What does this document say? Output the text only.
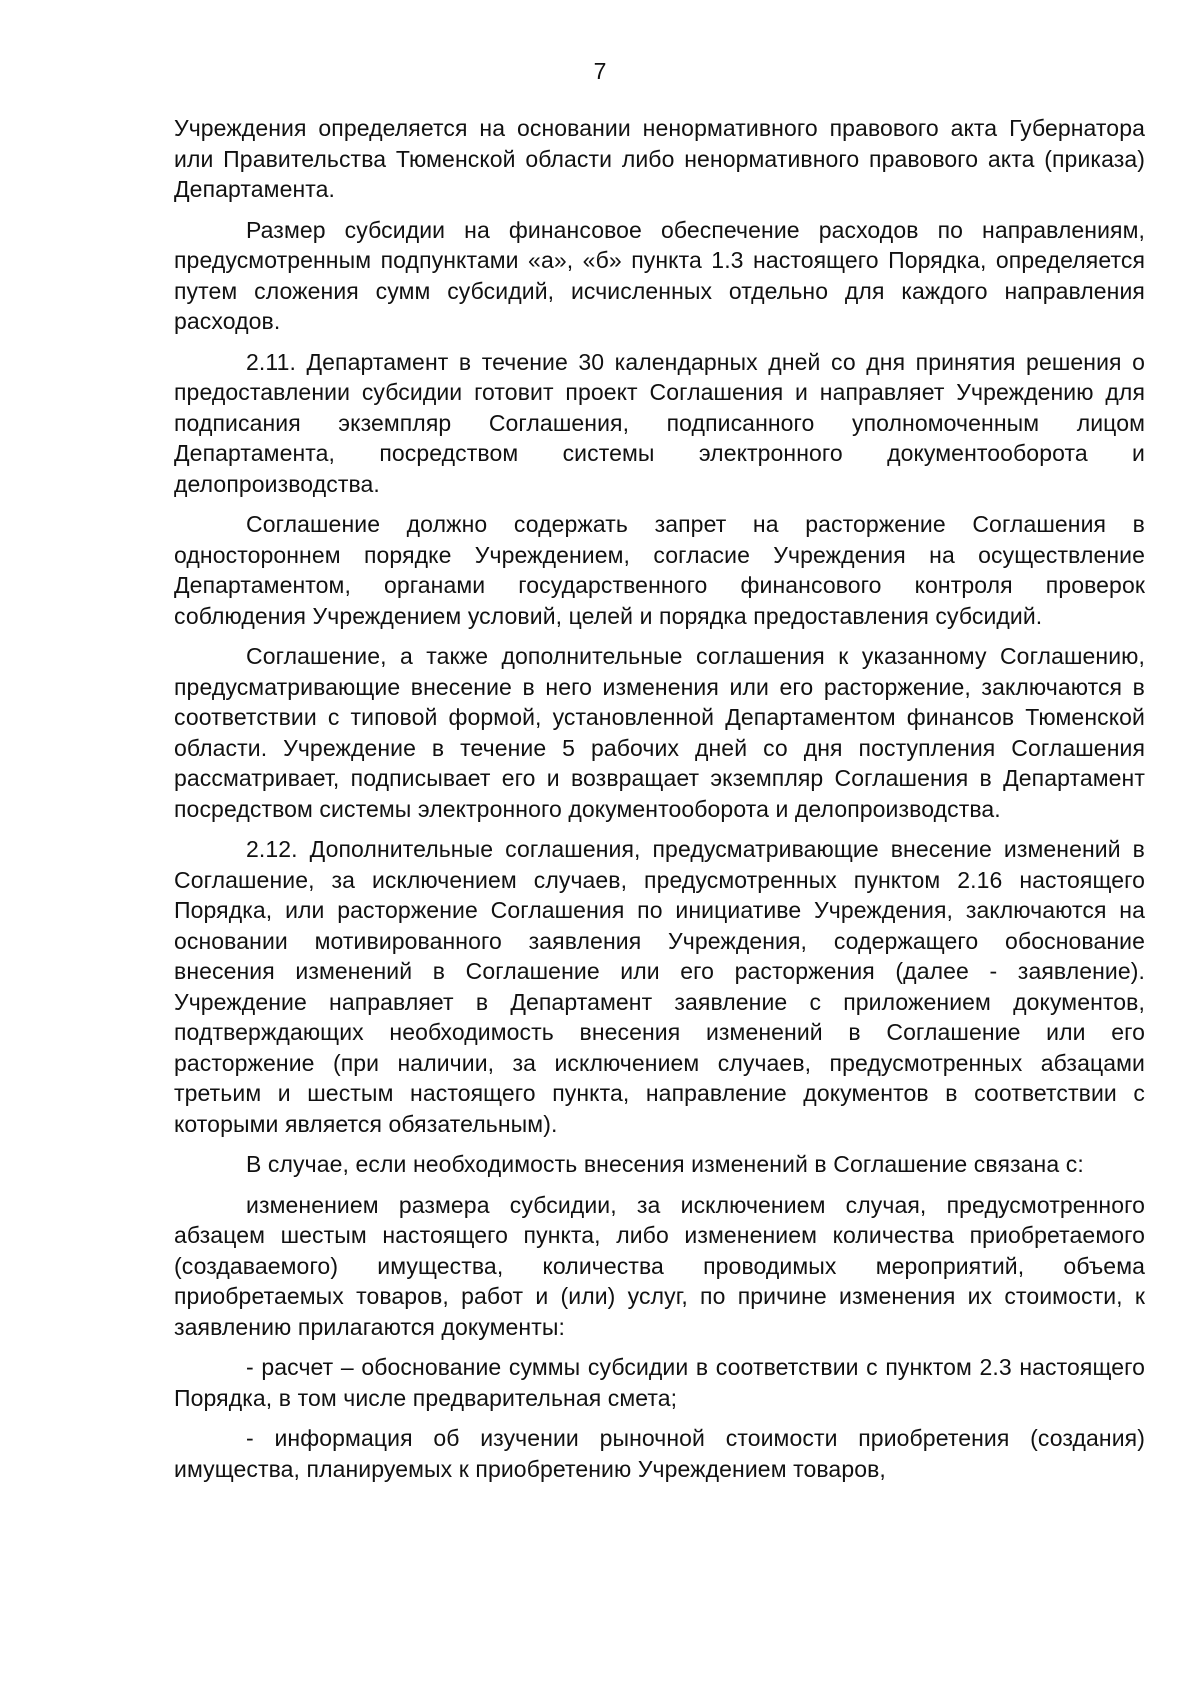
7

Учреждения определяется на основании ненормативного правового акта Губернатора или Правительства Тюменской области либо ненормативного правового акта (приказа) Департамента.

Размер субсидии на финансовое обеспечение расходов по направлениям, предусмотренным подпунктами «а», «б» пункта 1.3 настоящего Порядка, определяется путем сложения сумм субсидий, исчисленных отдельно для каждого направления расходов.

2.11. Департамент в течение 30 календарных дней со дня принятия решения о предоставлении субсидии готовит проект Соглашения и направляет Учреждению для подписания экземпляр Соглашения, подписанного уполномоченным лицом Департамента, посредством системы электронного документооборота и делопроизводства.

Соглашение должно содержать запрет на расторжение Соглашения в одностороннем порядке Учреждением, согласие Учреждения на осуществление Департаментом, органами государственного финансового контроля проверок соблюдения Учреждением условий, целей и порядка предоставления субсидий.

Соглашение, а также дополнительные соглашения к указанному Соглашению, предусматривающие внесение в него изменения или его расторжение, заключаются в соответствии с типовой формой, установленной Департаментом финансов Тюменской области. Учреждение в течение 5 рабочих дней со дня поступления Соглашения рассматривает, подписывает его и возвращает экземпляр Соглашения в Департамент посредством системы электронного документооборота и делопроизводства.

2.12. Дополнительные соглашения, предусматривающие внесение изменений в Соглашение, за исключением случаев, предусмотренных пунктом 2.16 настоящего Порядка, или расторжение Соглашения по инициативе Учреждения, заключаются на основании мотивированного заявления Учреждения, содержащего обоснование внесения изменений в Соглашение или его расторжения (далее - заявление). Учреждение направляет в Департамент заявление с приложением документов, подтверждающих необходимость внесения изменений в Соглашение или его расторжение (при наличии, за исключением случаев, предусмотренных абзацами третьим и шестым настоящего пункта, направление документов в соответствии с которыми является обязательным).

В случае, если необходимость внесения изменений в Соглашение связана с:

изменением размера субсидии, за исключением случая, предусмотренного абзацем шестым настоящего пункта, либо изменением количества приобретаемого (создаваемого) имущества, количества проводимых мероприятий, объема приобретаемых товаров, работ и (или) услуг, по причине изменения их стоимости, к заявлению прилагаются документы:

- расчет – обоснование суммы субсидии в соответствии с пунктом 2.3 настоящего Порядка, в том числе предварительная смета;

- информация об изучении рыночной стоимости приобретения (создания) имущества, планируемых к приобретению Учреждением товаров,
